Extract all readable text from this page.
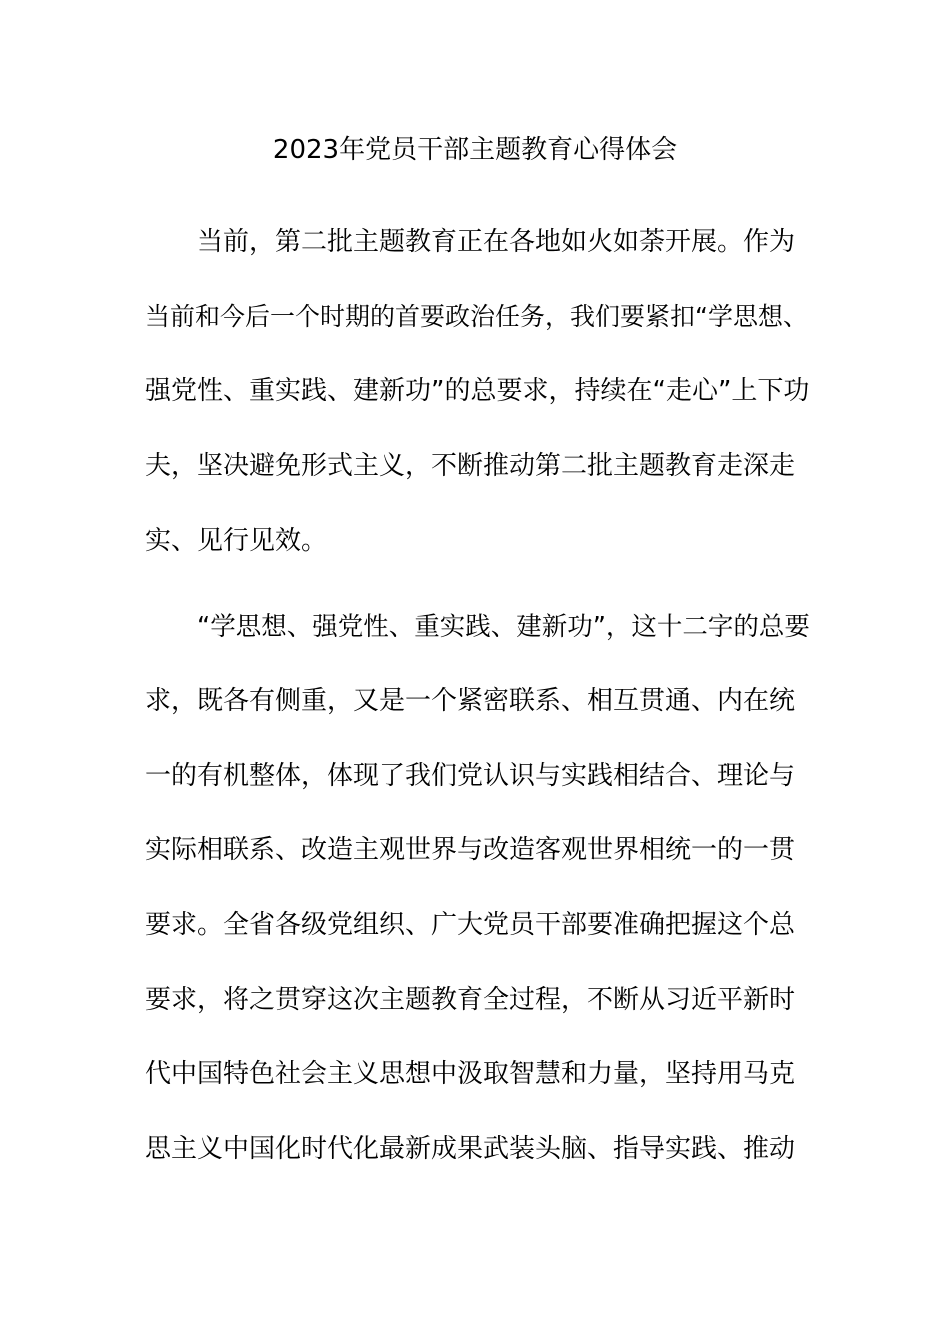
2023年党员干部主题教育心得体会
当前，第二批主题教育正在各地如火如荼开展。作为
当前和今后一个时期的首要政治任务，我们要紧扣“学思想、
强党性、重实践、建新功”的总要求，持续在“走心”上下功
夫，坚决避免形式主义，不断推动第二批主题教育走深走
实、见行见效。
“学思想、强党性、重实践、建新功”，这十二字的总要
求，既各有侧重，又是一个紧密联系、相互贯通、内在统
一的有机整体，体现了我们党认识与实践相结合、理论与
实际相联系、改造主观世界与改造客观世界相统一的一贯
要求。全省各级党组织、广大党员干部要准确把握这个总
要求，将之贯穿这次主题教育全过程，不断从习近平新时
代中国特色社会主义思想中汲取智慧和力量，坚持用马克
思主义中国化时代化最新成果武装头脑、指导实践、推动
